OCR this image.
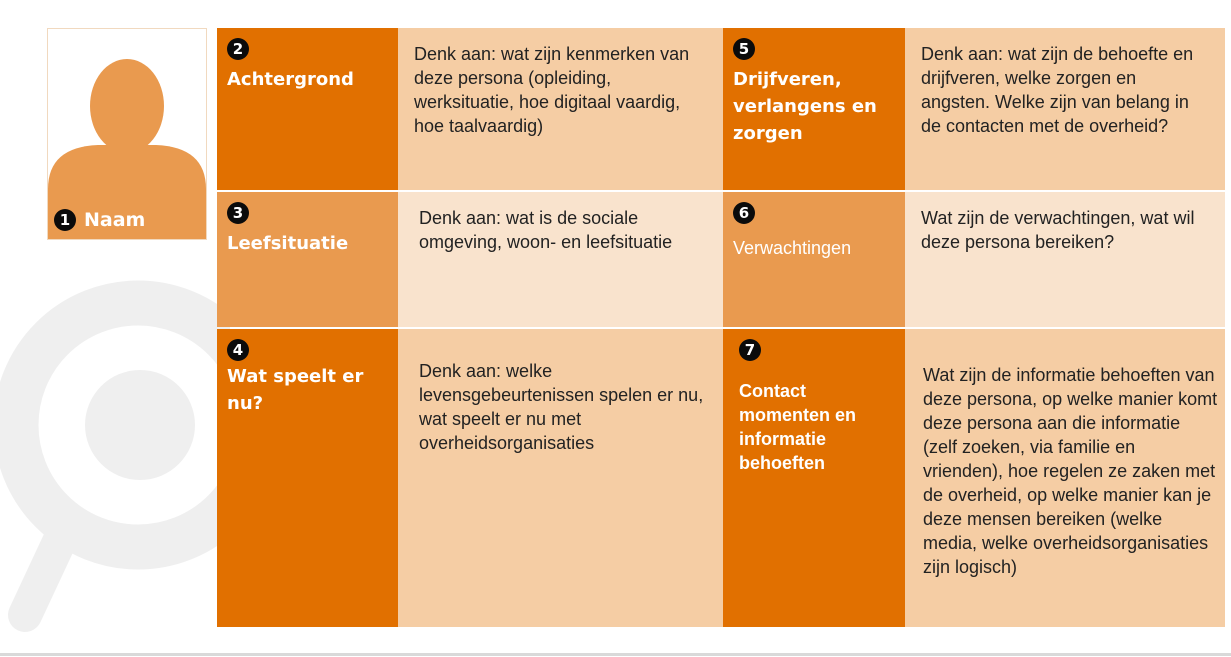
1 Naam
2
Achtergrond
Denk aan: wat zijn kenmerken van deze persona (opleiding, werksituatie, hoe digitaal vaardig, hoe taalvaardig)
5
Drijfveren, verlangens en zorgen
Denk aan: wat zijn de behoefte en drijfveren, welke zorgen en angsten. Welke zijn van belang in de contacten met de overheid?
3
Leefsituatie
Denk aan: wat is de sociale omgeving, woon- en leefsituatie
6
Verwachtingen
Wat zijn de verwachtingen, wat wil deze persona bereiken?
4
Wat speelt er nu?
Denk aan: welke levensgebeurtenissen spelen er nu, wat speelt er nu met overheidsorganisaties
7
Contact momenten en informatie behoeften
Wat zijn de informatie behoeften van deze persona, op welke manier komt deze persona aan die informatie (zelf zoeken, via familie en vrienden), hoe regelen ze zaken met de overheid, op welke manier kan je deze mensen bereiken (welke media, welke overheidsorganisaties zijn logisch)
